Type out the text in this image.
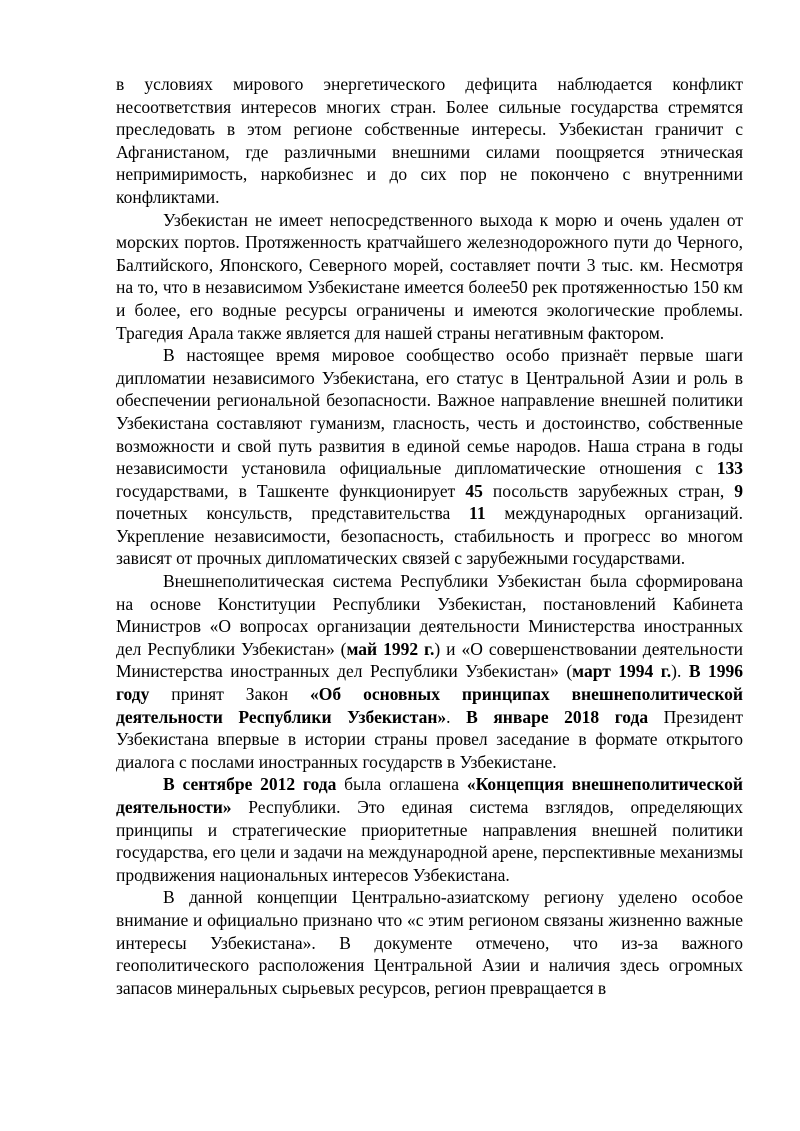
в условиях мирового энергетического дефицита наблюдается конфликт несоответствия интересов многих стран. Более сильные государства стремятся преследовать в этом регионе собственные интересы. Узбекистан граничит с Афганистаном, где различными внешними силами поощряется этническая непримиримость, наркобизнес и до сих пор не покончено с внутренними конфликтами.

Узбекистан не имеет непосредственного выхода к морю и очень удален от морских портов. Протяженность кратчайшего железнодорожного пути до Черного, Балтийского, Японского, Северного морей, составляет почти 3 тыс. км. Несмотря на то, что в независимом Узбекистане имеется более50 рек протяженностью 150 км и более, его водные ресурсы ограничены и имеются экологические проблемы. Трагедия Арала также является для нашей страны негативным фактором.

В настоящее время мировое сообщество особо признаёт первые шаги дипломатии независимого Узбекистана, его статус в Центральной Азии и роль в обеспечении региональной безопасности. Важное направление внешней политики Узбекистана составляют гуманизм, гласность, честь и достоинство, собственные возможности и свой путь развития в единой семье народов. Наша страна в годы независимости установила официальные дипломатические отношения с 133 государствами, в Ташкенте функционирует 45 посольств зарубежных стран, 9 почетных консульств, представительства 11 международных организаций. Укрепление независимости, безопасность, стабильность и прогресс во многом зависят от прочных дипломатических связей с зарубежными государствами.

Внешнеполитическая система Республики Узбекистан была сформирована на основе Конституции Республики Узбекистан, постановлений Кабинета Министров «О вопросах организации деятельности Министерства иностранных дел Республики Узбекистан» (май 1992 г.) и «О совершенствовании деятельности Министерства иностранных дел Республики Узбекистан» (март 1994 г.). В 1996 году принят Закон «Об основных принципах внешнеполитической деятельности Республики Узбекистан». В январе 2018 года Президент Узбекистана впервые в истории страны провел заседание в формате открытого диалога с послами иностранных государств в Узбекистане.

В сентябре 2012 года была оглашена «Концепция внешнеполитической деятельности» Республики. Это единая система взглядов, определяющих принципы и стратегические приоритетные направления внешней политики государства, его цели и задачи на международной арене, перспективные механизмы продвижения национальных интересов Узбекистана.

В данной концепции Центрально-азиатскому региону уделено особое внимание и официально признано что «с этим регионом связаны жизненно важные интересы Узбекистана». В документе отмечено, что из-за важного геополитического расположения Центральной Азии и наличия здесь огромных запасов минеральных сырьевых ресурсов, регион превращается в
